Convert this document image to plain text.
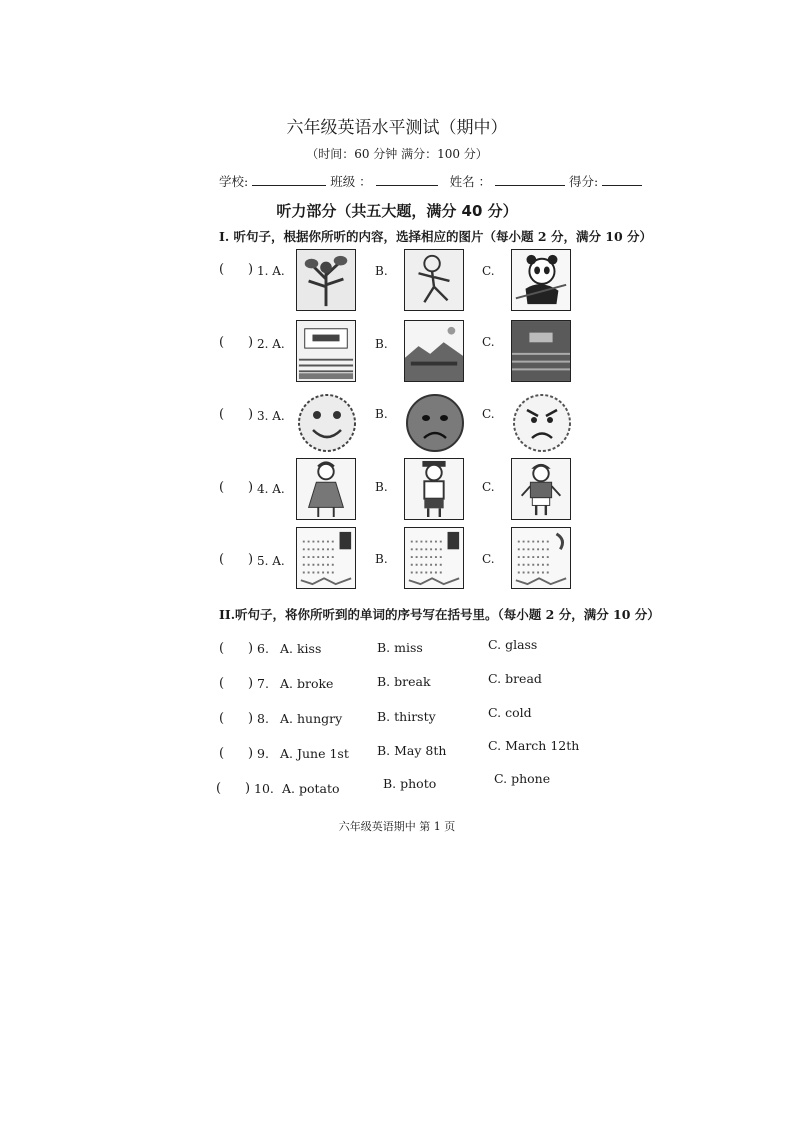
六年级英语水平测试（期中）
（时间：60 分钟 满分：100 分）
学校:	班级 ：	姓名 ：	得分:
听力部分（共五大题，满分 40 分）
I. 听句子，根据你所听的内容，选择相应的图片（每小题 2 分，满分 10 分）
( ) 1. A.	B.	C.
( ) 2. A.	B.	C.
( ) 3. A.	B.	C.
( ) 4. A.	B.	C.
( ) 5. A.	B.	C.
II.听句子，将你所听到的单词的序号写在括号里。（每小题 2 分，满分 10 分）
( ) 6. A. kiss	B. miss	C. glass
( ) 7. A. broke	B. break	C. bread
( ) 8. A. hungry	B. thirsty	C. cold
( ) 9. A. June 1st B. May 8th	C. March 12th
( ) 10. A. potato	B. photo	C. phone
六年级英语期中 第 1 页
